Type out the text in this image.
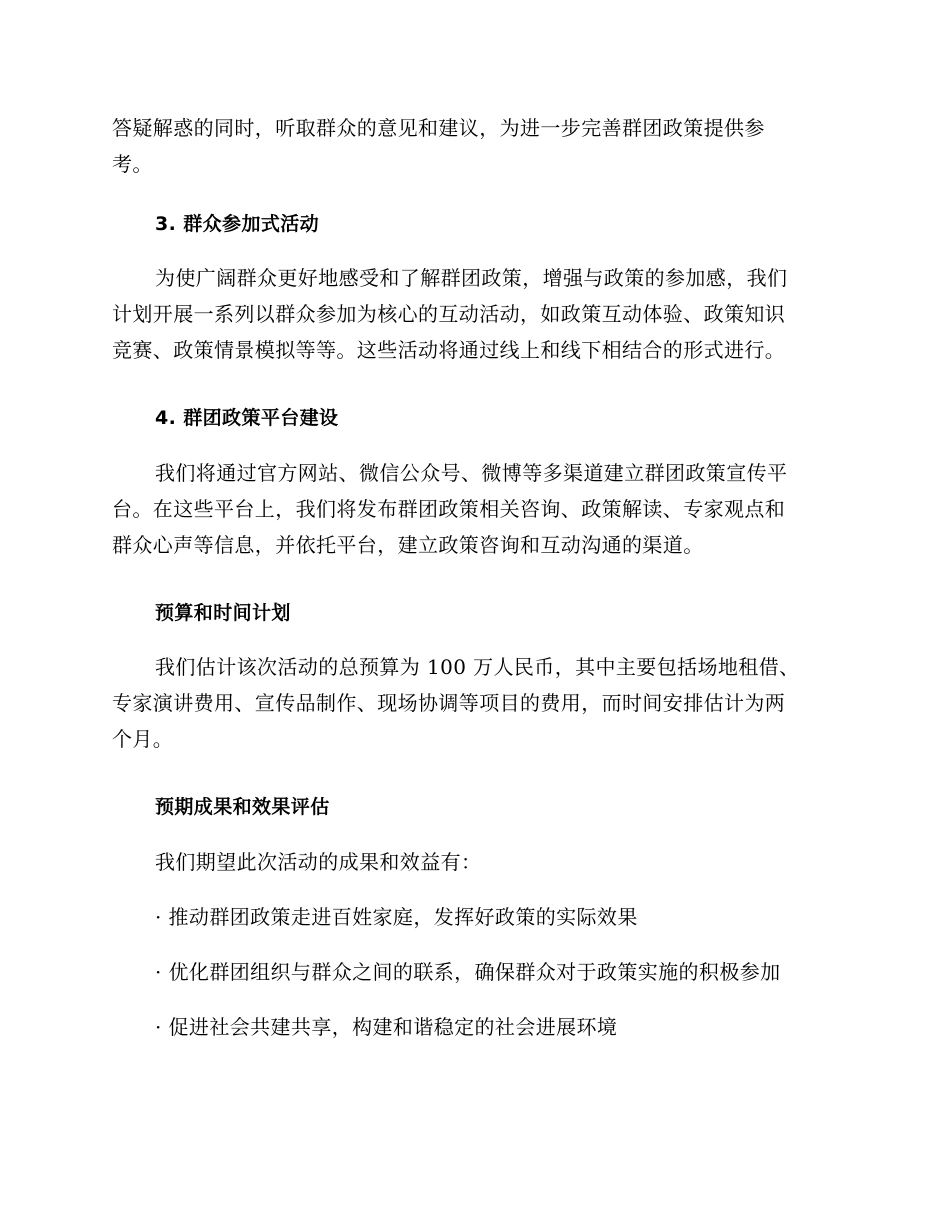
答疑解惑的同时，听取群众的意见和建议，为进一步完善群团政策提供参
考。

3. 群众参加式活动

为使广阔群众更好地感受和了解群团政策，增强与政策的参加感，我们
计划开展一系列以群众参加为核心的互动活动，如政策互动体验、政策知识
竞赛、政策情景模拟等等。这些活动将通过线上和线下相结合的形式进行。

4. 群团政策平台建设

我们将通过官方网站、微信公众号、微博等多渠道建立群团政策宣传平
台。在这些平台上，我们将发布群团政策相关咨询、政策解读、专家观点和
群众心声等信息，并依托平台，建立政策咨询和互动沟通的渠道。

预算和时间计划

我们估计该次活动的总预算为 100 万人民币，其中主要包括场地租借、
专家演讲费用、宣传品制作、现场协调等项目的费用，而时间安排估计为两
个月。

预期成果和效果评估

我们期望此次活动的成果和效益有：

· 推动群团政策走进百姓家庭，发挥好政策的实际效果

· 优化群团组织与群众之间的联系，确保群众对于政策实施的积极参加

· 促进社会共建共享，构建和谐稳定的社会进展环境
